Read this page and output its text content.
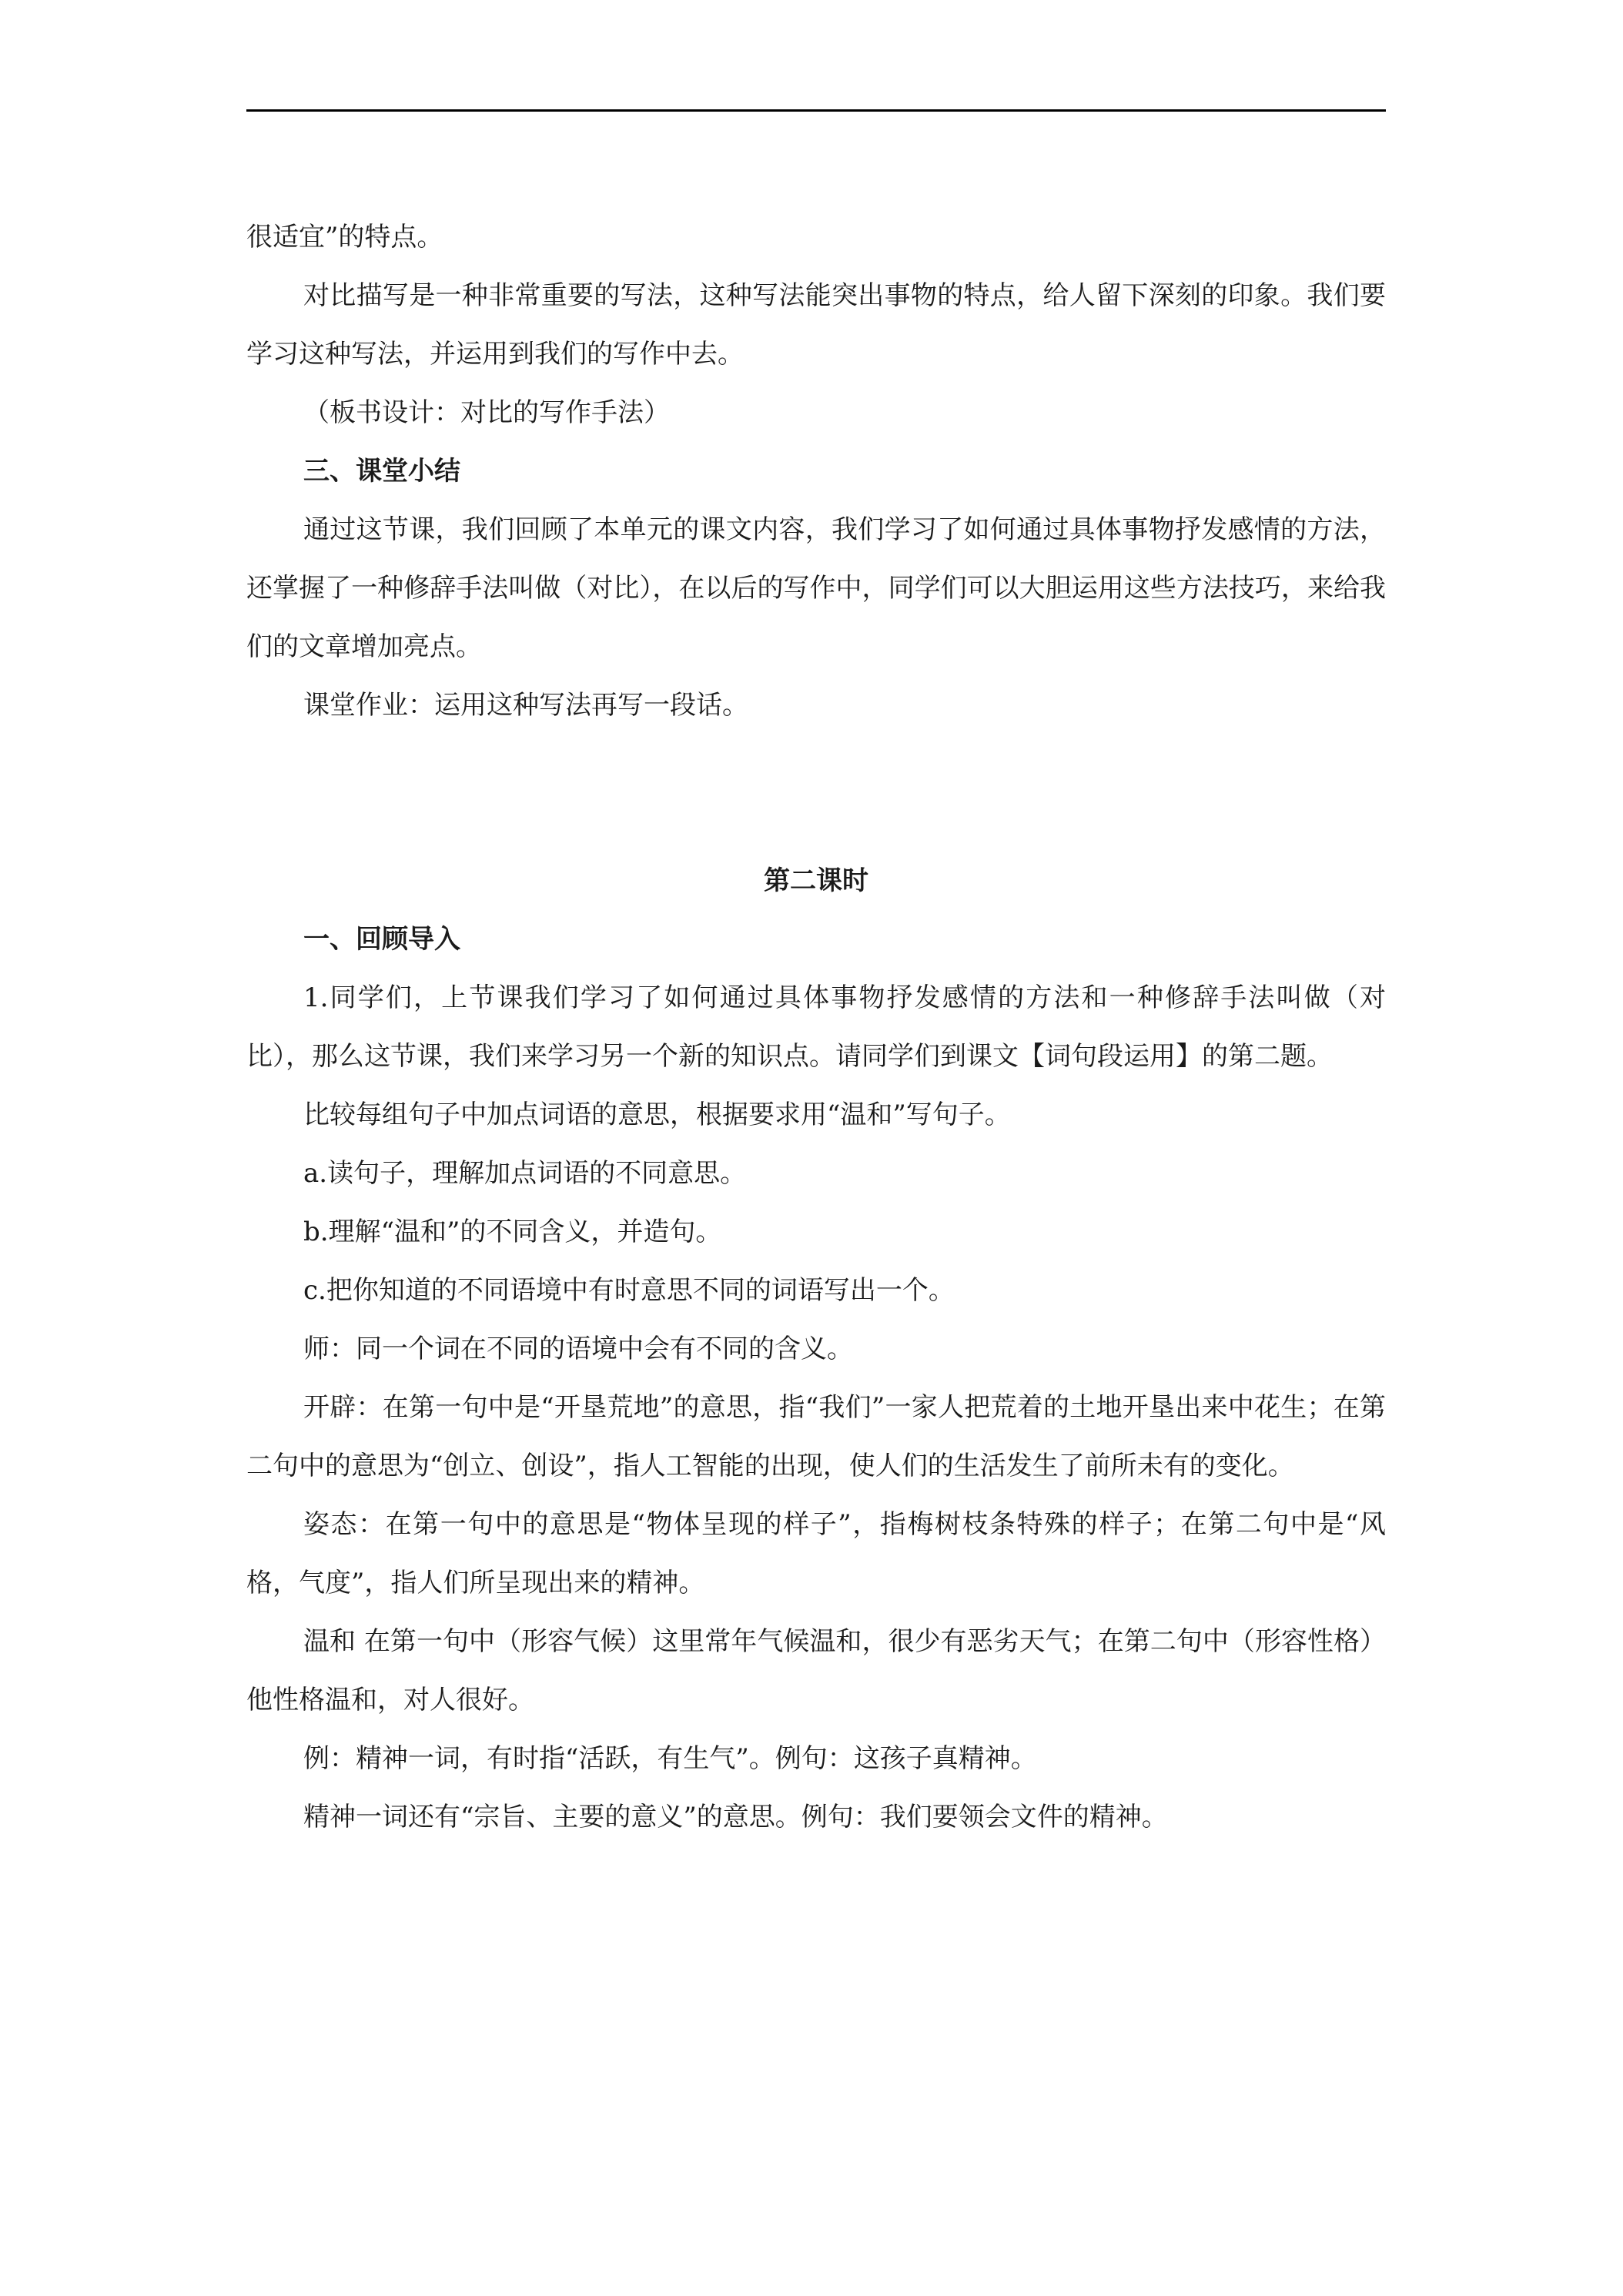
很适宜”的特点。

对比描写是一种非常重要的写法，这种写法能突出事物的特点，给人留下深刻的印象。我们要学习这种写法，并运用到我们的写作中去。

（板书设计：对比的写作手法）

三、课堂小结

通过这节课，我们回顾了本单元的课文内容，我们学习了如何通过具体事物抒发感情的方法，还掌握了一种修辞手法叫做（对比），在以后的写作中，同学们可以大胆运用这些方法技巧，来给我们的文章增加亮点。

课堂作业：运用这种写法再写一段话。

第二课时

一、回顾导入

1.同学们，上节课我们学习了如何通过具体事物抒发感情的方法和一种修辞手法叫做（对比），那么这节课，我们来学习另一个新的知识点。请同学们到课文【词句段运用】的第二题。

比较每组句子中加点词语的意思，根据要求用“温和”写句子。

a.读句子，理解加点词语的不同意思。

b.理解“温和”的不同含义，并造句。

c.把你知道的不同语境中有时意思不同的词语写出一个。

师：同一个词在不同的语境中会有不同的含义。

开辟：在第一句中是“开垦荒地”的意思，指“我们”一家人把荒着的土地开垦出来中花生；在第二句中的意思为“创立、创设”，指人工智能的出现，使人们的生活发生了前所未有的变化。

姿态：在第一句中的意思是“物体呈现的样子”，指梅树枝条特殊的样子；在第二句中是“风格，气度”，指人们所呈现出来的精神。

温和 在第一句中（形容气候）这里常年气候温和，很少有恶劣天气；在第二句中（形容性格）他性格温和，对人很好。

例：精神一词，有时指“活跃，有生气”。例句：这孩子真精神。

精神一词还有“宗旨、主要的意义”的意思。例句：我们要领会文件的精神。
